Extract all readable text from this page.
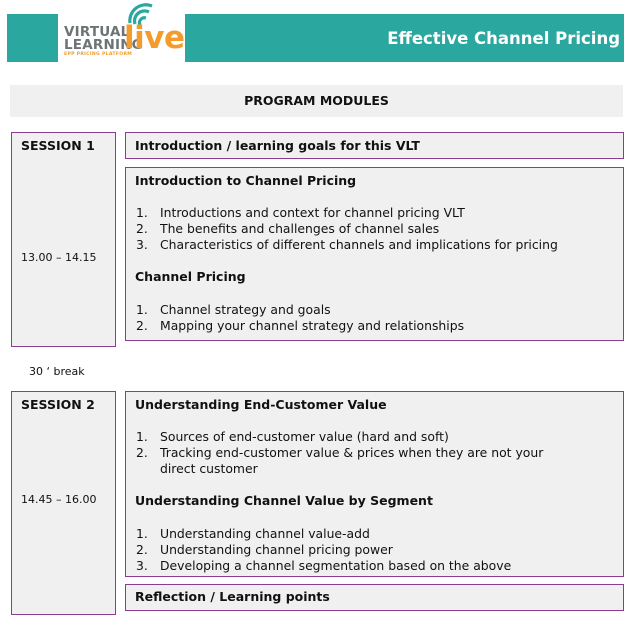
Effective Channel Pricing
VIRTUAL
LEARNING
live
EPP PRICING PLATFORM
PROGRAM MODULES
SESSION 1
13.00 – 14.15
Introduction / learning goals for this VLT
Introduction to Channel Pricing
1. Introductions and context for channel pricing VLT
2. The benefits and challenges of channel sales
3. Characteristics of different channels and implications for pricing
Channel Pricing
1. Channel strategy and goals
2. Mapping your channel strategy and relationships
30 ‘ break
SESSION 2
14.45 – 16.00
Understanding End-Customer Value
1. Sources of end-customer value (hard and soft)
2. Tracking end-customer value & prices when they are not your
direct customer
Understanding Channel Value by Segment
1. Understanding channel value-add
2. Understanding channel pricing power
3. Developing a channel segmentation based on the above
Reflection / Learning points
